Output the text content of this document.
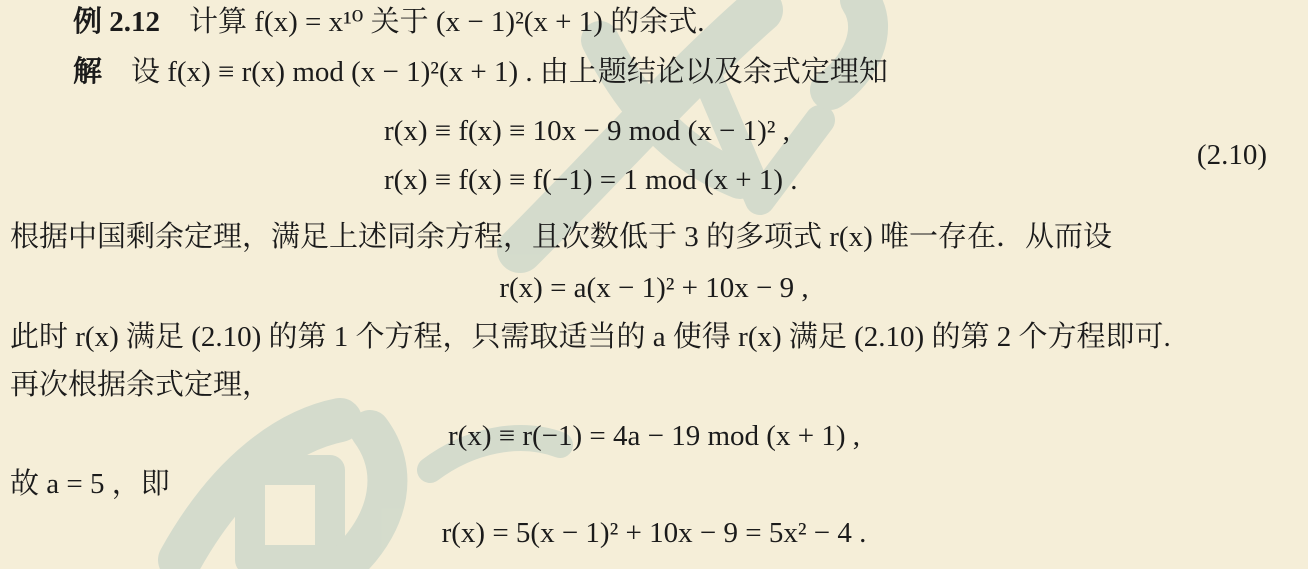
例 2.12 计算 f(x) = x¹⁰ 关于 (x − 1)²(x + 1) 的余式.
解 设 f(x) ≡ r(x) mod (x − 1)²(x + 1) . 由上题结论以及余式定理知
r(x) ≡ f(x) ≡ 10x − 9 mod (x − 1)² ,
r(x) ≡ f(x) ≡ f(−1) = 1 mod (x + 1) .
(2.10)
根据中国剩余定理，满足上述同余方程，且次数低于 3 的多项式 r(x) 唯一存在．从而设
r(x) = a(x − 1)² + 10x − 9 ,
此时 r(x) 满足 (2.10) 的第 1 个方程，只需取适当的 a 使得 r(x) 满足 (2.10) 的第 2 个方程即可.
再次根据余式定理，
r(x) ≡ r(−1) = 4a − 19 mod (x + 1) ,
故 a = 5 ，即
r(x) = 5(x − 1)² + 10x − 9 = 5x² − 4 .
